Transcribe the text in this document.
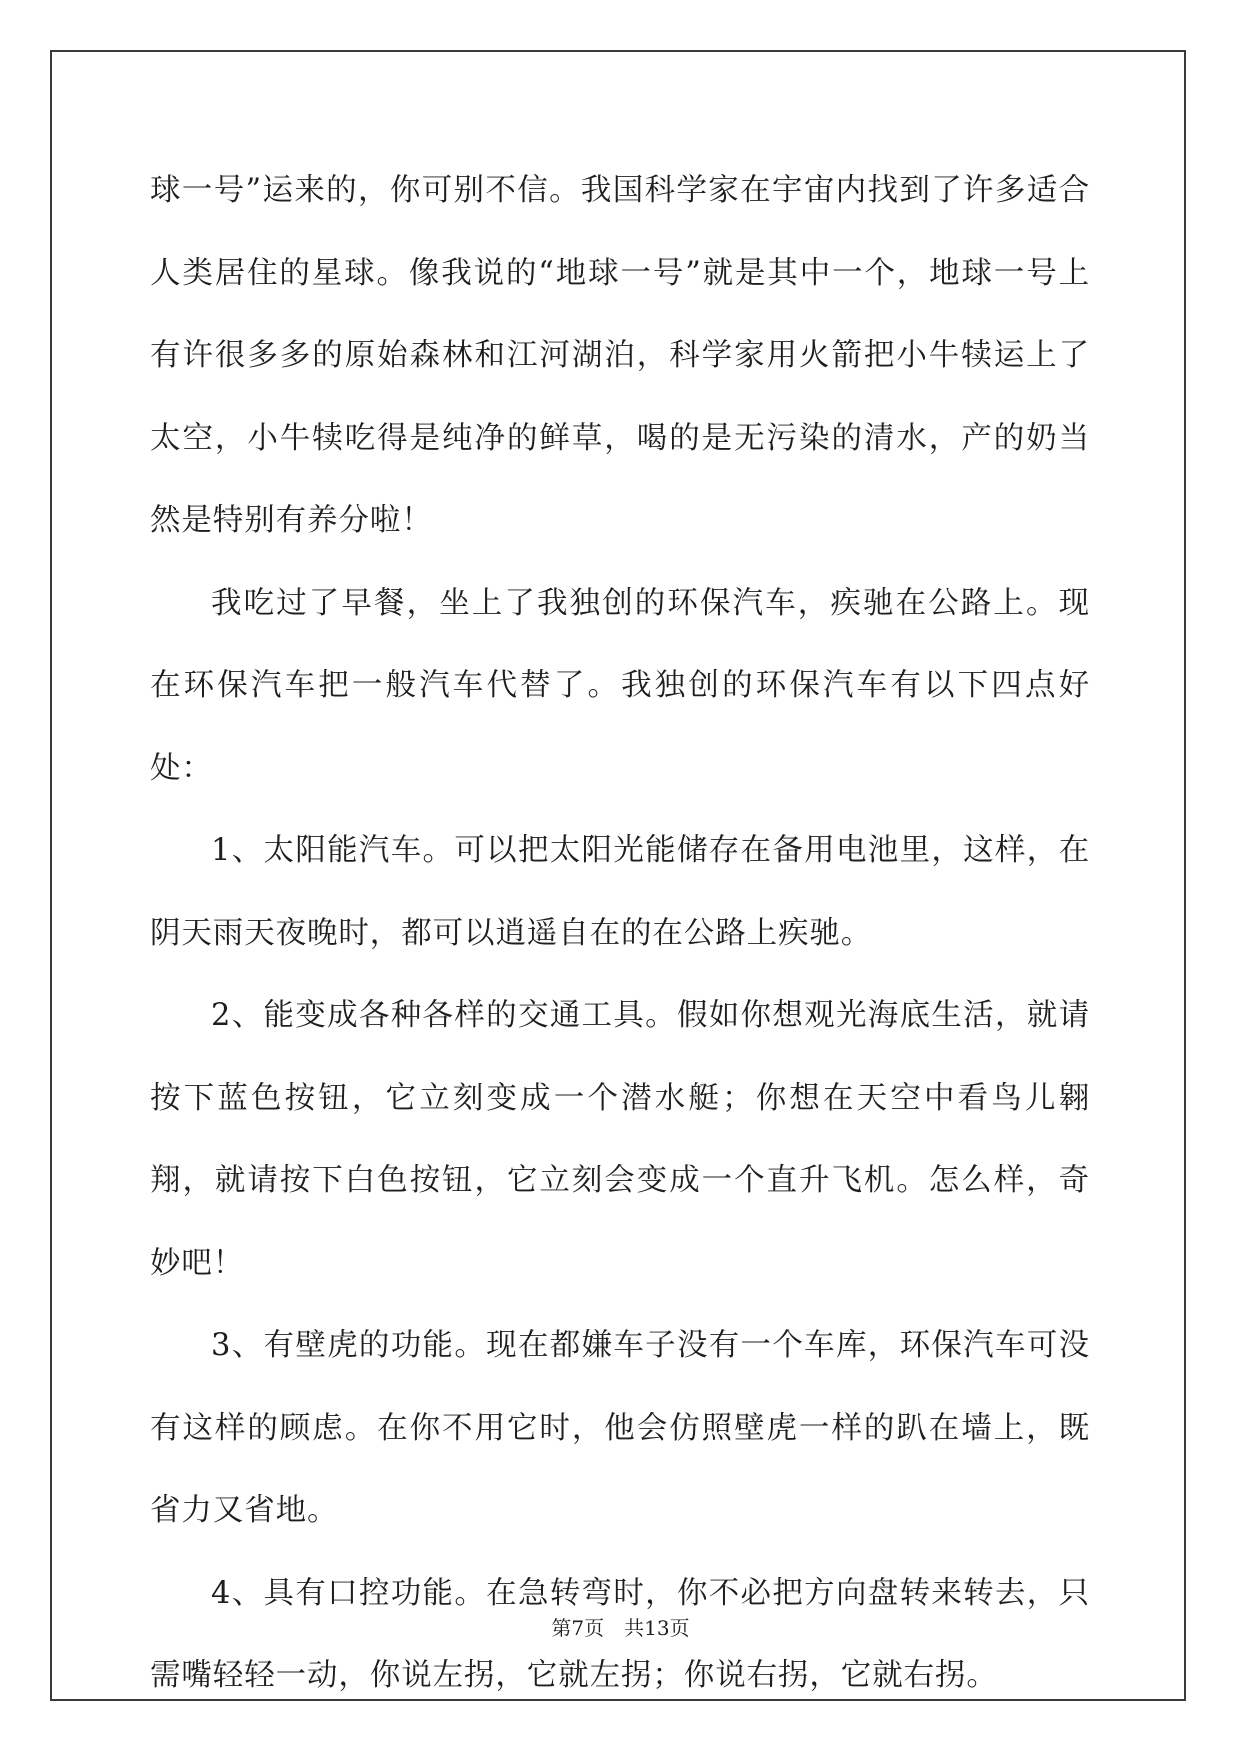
球一号”运来的，你可别不信。我国科学家在宇宙内找到了许多适合人类居住的星球。像我说的“地球一号”就是其中一个，地球一号上有许很多多的原始森林和江河湖泊，科学家用火箭把小牛犊运上了太空，小牛犊吃得是纯净的鲜草，喝的是无污染的清水，产的奶当然是特别有养分啦！

我吃过了早餐，坐上了我独创的环保汽车，疾驰在公路上。现在环保汽车把一般汽车代替了。我独创的环保汽车有以下四点好处：

1、太阳能汽车。可以把太阳光能储存在备用电池里，这样，在阴天雨天夜晚时，都可以逍遥自在的在公路上疾驰。

2、能变成各种各样的交通工具。假如你想观光海底生活，就请按下蓝色按钮，它立刻变成一个潜水艇；你想在天空中看鸟儿翱翔，就请按下白色按钮，它立刻会变成一个直升飞机。怎么样，奇妙吧！

3、有壁虎的功能。现在都嫌车子没有一个车库，环保汽车可没有这样的顾虑。在你不用它时，他会仿照壁虎一样的趴在墙上，既省力又省地。

4、具有口控功能。在急转弯时，你不必把方向盘转来转去，只需嘴轻轻一动，你说左拐，它就左拐；你说右拐，它就右拐。

第7页　共13页
